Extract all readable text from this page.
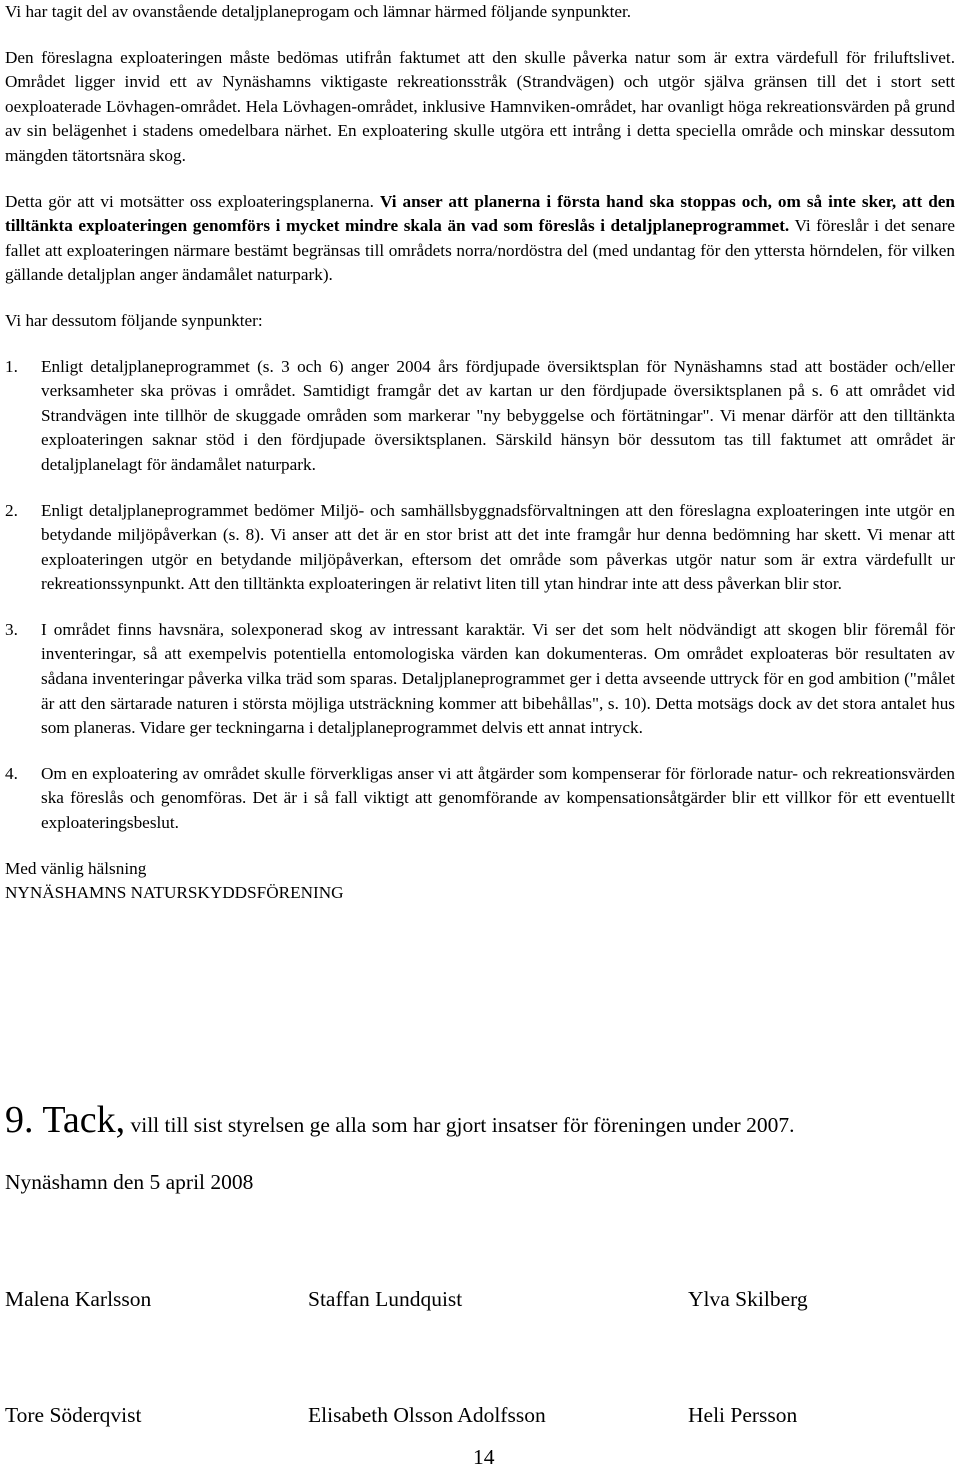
Vi har tagit del av ovanstående detaljplaneprogam och lämnar härmed följande synpunkter.

Den föreslagna exploateringen måste bedömas utifrån faktumet att den skulle påverka natur som är extra värdefull för friluftslivet. Området ligger invid ett av Nynäshamns viktigaste rekreationsstråk (Strandvägen) och utgör själva gränsen till det i stort sett oexploaterade Lövhagen-området. Hela Lövhagen-området, inklusive Hamnviken-området, har ovanligt höga rekreationsvärden på grund av sin belägenhet i stadens omedelbara närhet. En exploatering skulle utgöra ett intrång i detta speciella område och minskar dessutom mängden tätortsnära skog.

Detta gör att vi motsätter oss exploateringsplanerna. Vi anser att planerna i första hand ska stoppas och, om så inte sker, att den tilltänkta exploateringen genomförs i mycket mindre skala än vad som föreslås i detaljplaneprogrammet. Vi föreslår i det senare fallet att exploateringen närmare bestämt begränsas till områdets norra/nordöstra del (med undantag för den yttersta hörndelen, för vilken gällande detaljplan anger ändamålet naturpark).

Vi har dessutom följande synpunkter:

1.	Enligt detaljplaneprogrammet (s. 3 och 6) anger 2004 års fördjupade översiktsplan för Nynäshamns stad att bostäder och/eller verksamheter ska prövas i området. Samtidigt framgår det av kartan ur den fördjupade översiktsplanen på s. 6 att området vid Strandvägen inte tillhör de skuggade områden som markerar "ny bebyggelse och förtätningar". Vi menar därför att den tilltänkta exploateringen saknar stöd i den fördjupade översiktsplanen. Särskild hänsyn bör dessutom tas till faktumet att området är detaljplanelagt för ändamålet naturpark.
2.	Enligt detaljplaneprogrammet bedömer Miljö- och samhällsbyggnadsförvaltningen att den föreslagna exploateringen inte utgör en betydande miljöpåverkan (s. 8). Vi anser att det är en stor brist att det inte framgår hur denna bedömning har skett. Vi menar att exploateringen utgör en betydande miljöpåverkan, eftersom det område som påverkas utgör natur som är extra värdefullt ur rekreationssynpunkt. Att den tilltänkta exploateringen är relativt liten till ytan hindrar inte att dess påverkan blir stor.
3.	I området finns havsnära, solexponerad skog av intressant karaktär. Vi ser det som helt nödvändigt att skogen blir föremål för inventeringar, så att exempelvis potentiella entomologiska värden kan dokumenteras. Om området exploateras bör resultaten av sådana inventeringar påverka vilka träd som sparas. Detaljplaneprogrammet ger i detta avseende uttryck för en god ambition ("målet är att den särtarade naturen i största möjliga utsträckning kommer att bibehållas", s. 10). Detta motsägs dock av det stora antalet hus som planeras. Vidare ger teckningarna i detaljplaneprogrammet delvis ett annat intryck.
4.	Om en exploatering av området skulle förverkligas anser vi att åtgärder som kompenserar för förlorade natur- och rekreationsvärden ska föreslås och genomföras. Det är i så fall viktigt att genomförande av kompensationsåtgärder blir ett villkor för ett eventuellt exploateringsbeslut.
Med vänlig hälsning
NYNÄSHAMNS NATURSKYDDSFÖRENING
9. Tack, vill till sist styrelsen ge alla som har gjort insatser för föreningen under 2007.
Nynäshamn den 5 april 2008
Malena Karlsson	Staffan Lundquist	Ylva Skilberg
Tore Söderqvist	Elisabeth Olsson Adolfsson	Heli Persson
14
